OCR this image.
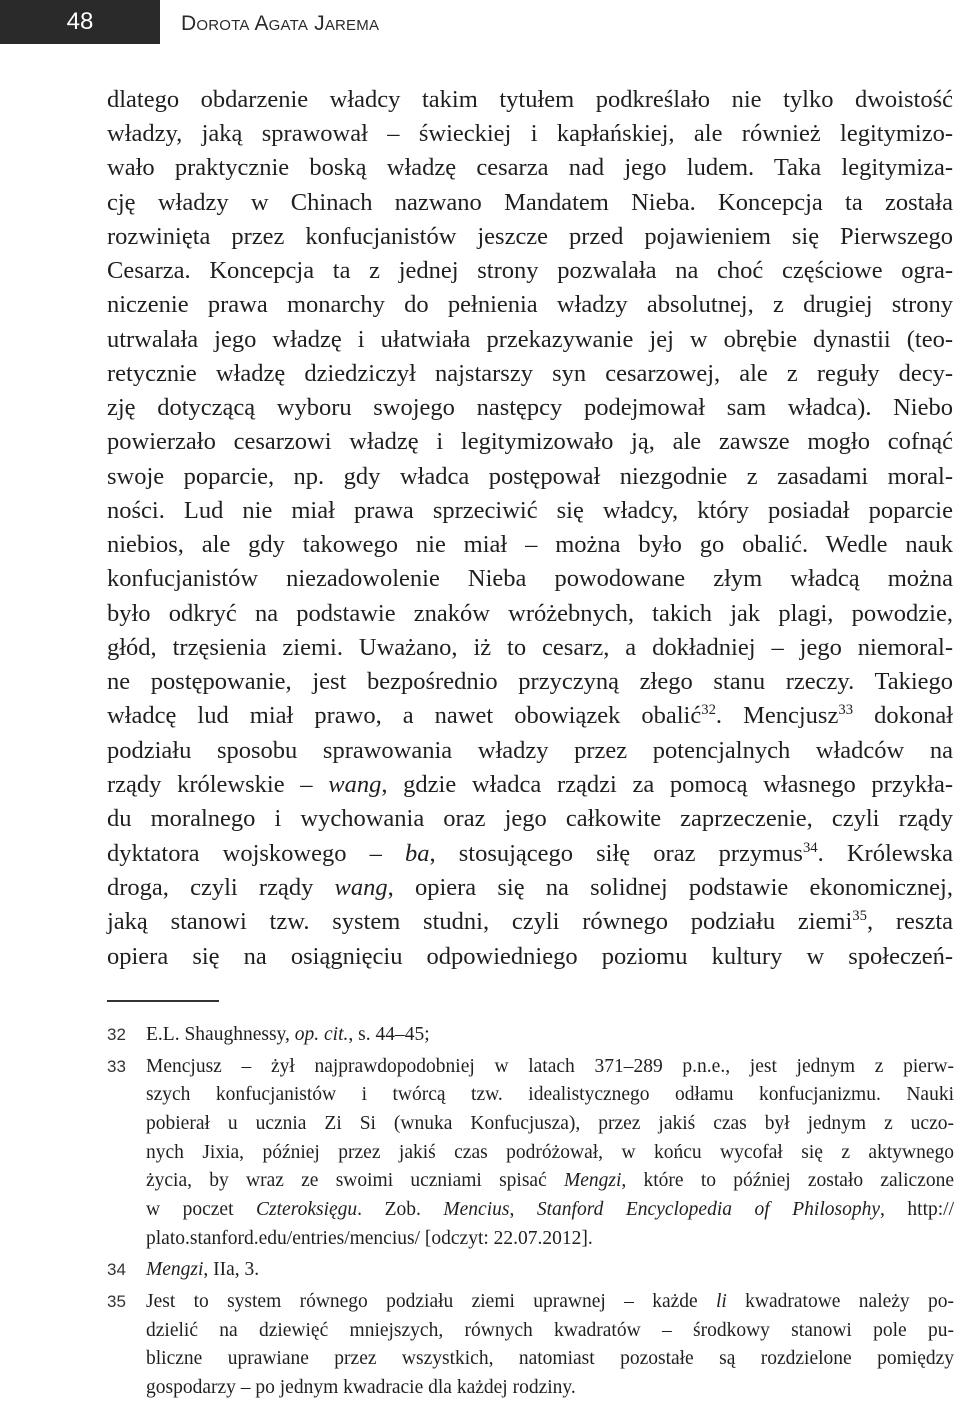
48	Dorota Agata Jarema
dlatego obdarzenie władcy takim tytułem podkreślało nie tylko dwoistość
władzy, jaką sprawował – świeckiej i kapłańskiej, ale również legitymizo-
wało praktycznie boską władzę cesarza nad jego ludem. Taka legitymiza-
cję władzy w Chinach nazwano Mandatem Nieba. Koncepcja ta została
rozwinięta przez konfucjanistów jeszcze przed pojawieniem się Pierwszego
Cesarza. Koncepcja ta z jednej strony pozwalała na choć częściowe ogra-
niczenie prawa monarchy do pełnienia władzy absolutnej, z drugiej strony
utrwalała jego władzę i ułatwiała przekazywanie jej w obrębie dynastii (teo-
retycznie władzę dziedziczył najstarszy syn cesarzowej, ale z reguły decy-
zję dotyczącą wyboru swojego następcy podejmował sam władca). Niebo
powierzało cesarzowi władzę i legitymizowało ją, ale zawsze mogło cofnąć
swoje poparcie, np. gdy władca postępował niezgodnie z zasadami moral-
ności. Lud nie miał prawa sprzeciwić się władcy, który posiadał poparcie
niebios, ale gdy takowego nie miał – można było go obalić. Wedle nauk
konfucjanistów niezadowolenie Nieba powodowane złym władcą można
było odkryć na podstawie znaków wróżebnych, takich jak plagi, powodzie,
głód, trzęsienia ziemi. Uważano, iż to cesarz, a dokładniej – jego niemoral-
ne postępowanie, jest bezpośrednio przyczyną złego stanu rzeczy. Takiego
władcę lud miał prawo, a nawet obowiązek obalić$^{32}$. Mencjusz$^{33}$ dokonał
podziału sposobu sprawowania władzy przez potencjalnych władców na
rządy królewskie – wang, gdzie władca rządzi za pomocą własnego przykła-
du moralnego i wychowania oraz jego całkowite zaprzeczenie, czyli rządy
dyktatora wojskowego – ba, stosującego siłę oraz przymus$^{34}$. Królewska
droga, czyli rządy wang, opiera się na solidnej podstawie ekonomicznej,
jaką stanowi tzw. system studni, czyli równego podziału ziemi$^{35}$, reszta
opiera się na osiągnięciu odpowiedniego poziomu kultury w społeczeń-
32 E.L. Shaughnessy, op. cit., s. 44–45;
33 Mencjusz – żył najprawdopodobniej w latach 371–289 p.n.e., jest jednym z pierw-
szych konfucjanistów i twórcą tzw. idealistycznego odłamu konfucjanizmu. Nauki
pobierał u ucznia Zi Si (wnuka Konfucjusza), przez jakiś czas był jednym z uczo-
nych Jixia, później przez jakiś czas podróżował, w końcu wycofał się z aktywnego
życia, by wraz ze swoimi uczniami spisać Mengzi, które to później zostało zaliczone
w poczet Czteroksięgu. Zob. Mencius, Stanford Encyclopedia of Philosophy, http://
plato.stanford.edu/entries/mencius/ [odczyt: 22.07.2012].
34 Mengzi, IIa, 3.
35 Jest to system równego podziału ziemi uprawnej – każde li kwadratowe należy po-
dzielić na dziewięć mniejszych, równych kwadratów – środkowy stanowi pole pu-
bliczne uprawiane przez wszystkich, natomiast pozostałe są rozdzielone pomiędzy
gospodarzy – po jednym kwadracie dla każdej rodziny.
